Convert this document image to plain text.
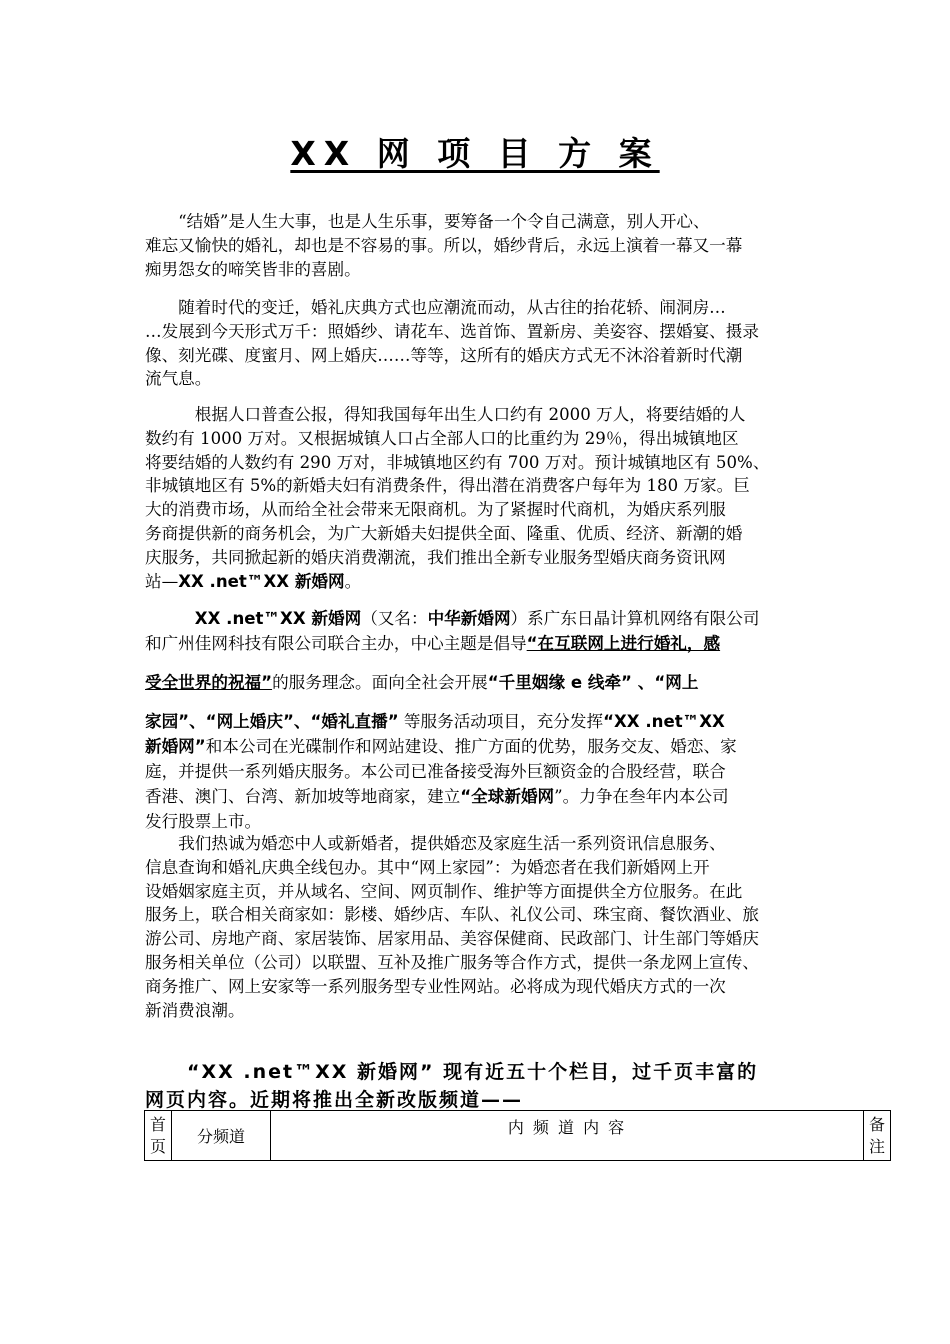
XX 网 项 目 方 案
　　“结婚”是人生大事，也是人生乐事，要筹备一个令自己满意，别人开心、
难忘又愉快的婚礼，却也是不容易的事。所以，婚纱背后，永远上演着一幕又一幕
痴男怨女的啼笑皆非的喜剧。
　　随着时代的变迁，婚礼庆典方式也应潮流而动，从古往的抬花轿、闹洞房…
…发展到今天形式万千：照婚纱、请花车、选首饰、置新房、美姿容、摆婚宴、摄录
像、刻光碟、度蜜月、网上婚庆……等等，这所有的婚庆方式无不沐浴着新时代潮
流气息。
　　　根据人口普查公报，得知我国每年出生人口约有 2000 万人，将要结婚的人
数约有 1000 万对。又根据城镇人口占全部人口的比重约为 29％，得出城镇地区
将要结婚的人数约有 290 万对，非城镇地区约有 700 万对。预计城镇地区有 50%、
非城镇地区有 5%的新婚夫妇有消费条件，得出潜在消费客户每年为 180 万家。巨
大的消费市场，从而给全社会带来无限商机。为了紧握时代商机，为婚庆系列服
务商提供新的商务机会，为广大新婚夫妇提供全面、隆重、优质、经济、新潮的婚
庆服务，共同掀起新的婚庆消费潮流，我们推出全新专业服务型婚庆商务资讯网
站—XX .net™XX 新婚网。
　　　XX .net™XX 新婚网（又名：中华新婚网）系广东日晶计算机网络有限公司
和广州佳网科技有限公司联合主办，中心主题是倡导“在互联网上进行婚礼，感
受全世界的祝福”的服务理念。面向全社会开展“千里姻缘 e 线牵” 、“网上
家园”、“网上婚庆”、“婚礼直播” 等服务活动项目，充分发挥“XX .net™XX
新婚网”和本公司在光碟制作和网站建设、推广方面的优势，服务交友、婚恋、家
庭，并提供一系列婚庆服务。本公司已准备接受海外巨额资金的合股经营，联合
香港、澳门、台湾、新加坡等地商家，建立“全球新婚网”。力争在叁年内本公司
发行股票上市。
　　我们热诚为婚恋中人或新婚者，提供婚恋及家庭生活一系列资讯信息服务、
信息查询和婚礼庆典全线包办。其中“网上家园”：为婚恋者在我们新婚网上开
设婚姻家庭主页，并从域名、空间、网页制作、维护等方面提供全方位服务。在此
服务上，联合相关商家如：影楼、婚纱店、车队、礼仪公司、珠宝商、餐饮酒业、旅
游公司、房地产商、家居装饰、居家用品、美容保健商、民政部门、计生部门等婚庆
服务相关单位（公司）以联盟、互补及推广服务等合作方式，提供一条龙网上宣传、
商务推广、网上安家等一系列服务型专业性网站。必将成为现代婚庆方式的一次
新消费浪潮。
　　“XX .net™XX 新婚网” 现有近五十个栏目，过千页丰富的
网页内容。近期将推出全新改版频道——
首页	分频道	内 频 道 内 容	备注
